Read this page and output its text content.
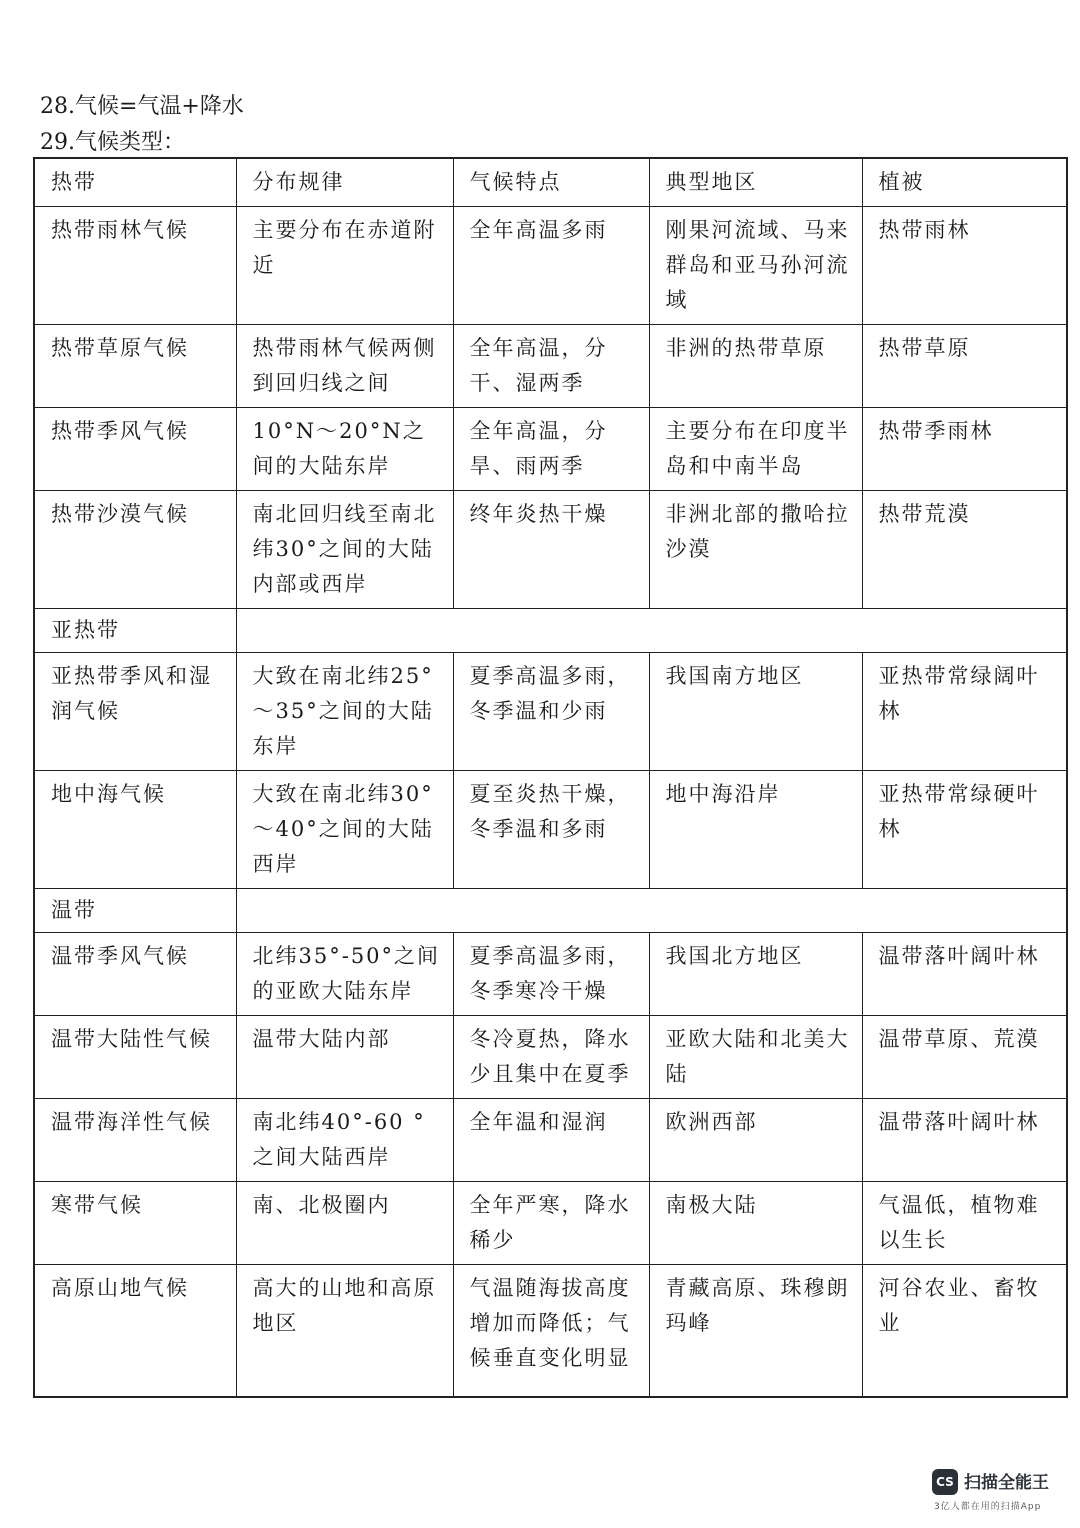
28.气候=气温+降水
29.气候类型：
热带	分布规律	气候特点	典型地区	植被
热带雨林气候	主要分布在赤道附近	全年高温多雨	刚果河流域、马来群岛和亚马孙河流域	热带雨林
热带草原气候	热带雨林气候两侧到回归线之间	全年高温，分干、湿两季	非洲的热带草原	热带草原
热带季风气候	10°N～20°N之间的大陆东岸	全年高温，分旱、雨两季	主要分布在印度半岛和中南半岛	热带季雨林
热带沙漠气候	南北回归线至南北纬30°之间的大陆内部或西岸	终年炎热干燥	非洲北部的撒哈拉沙漠	热带荒漠
亚热带				
亚热带季风和湿润气候	大致在南北纬25°～35°之间的大陆东岸	夏季高温多雨，冬季温和少雨	我国南方地区	亚热带常绿阔叶林
地中海气候	大致在南北纬30°～40°之间的大陆西岸	夏至炎热干燥，冬季温和多雨	地中海沿岸	亚热带常绿硬叶林
温带				
温带季风气候	北纬35°-50°之间的亚欧大陆东岸	夏季高温多雨，冬季寒冷干燥	我国北方地区	温带落叶阔叶林
温带大陆性气候	温带大陆内部	冬冷夏热，降水少且集中在夏季	亚欧大陆和北美大陆	温带草原、荒漠
温带海洋性气候	南北纬40°-60 °之间大陆西岸	全年温和湿润	欧洲西部	温带落叶阔叶林
寒带气候	南、北极圈内	全年严寒，降水稀少	南极大陆	气温低，植物难以生长
高原山地气候	高大的山地和高原地区	气温随海拔高度增加而降低；气候垂直变化明显	青藏高原、珠穆朗玛峰	河谷农业、畜牧业
CS 扫描全能王
3亿人都在用的扫描App
